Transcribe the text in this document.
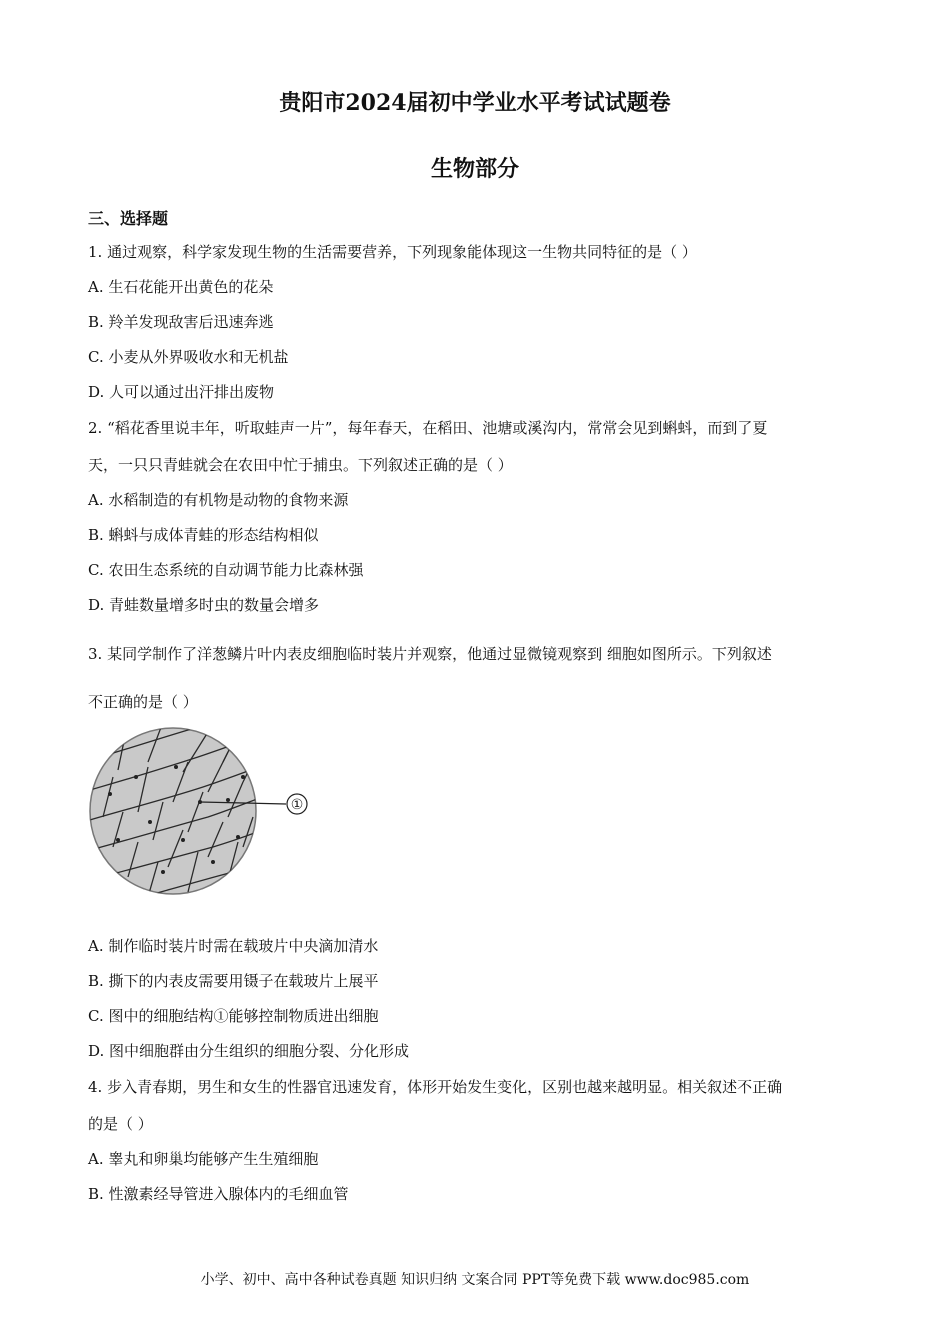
贵阳市2024届初中学业水平考试试题卷
生物部分
三、选择题
1. 通过观察，科学家发现生物的生活需要营养，下列现象能体现这一生物共同特征的是（ ）
A. 生石花能开出黄色的花朵
B. 羚羊发现敌害后迅速奔逃
C. 小麦从外界吸收水和无机盐
D. 人可以通过出汗排出废物
2. “稻花香里说丰年，听取蛙声一片”，每年春天，在稻田、池塘或溪沟内，常常会见到蝌蚪，而到了夏
天，一只只青蛙就会在农田中忙于捕虫。下列叙述正确的是（ ）
A. 水稻制造的有机物是动物的食物来源
B. 蝌蚪与成体青蛙的形态结构相似
C. 农田生态系统的自动调节能力比森林强
D. 青蛙数量增多时虫的数量会增多
3. 某同学制作了洋葱鳞片叶内表皮细胞临时装片并观察，他通过显微镜观察到 细胞如图所示。下列叙述
不正确的是（ ）
①
A. 制作临时装片时需在载玻片中央滴加清水
B. 撕下的内表皮需要用镊子在载玻片上展平
C. 图中的细胞结构①能够控制物质进出细胞
D. 图中细胞群由分生组织的细胞分裂、分化形成
4. 步入青春期，男生和女生的性器官迅速发育，体形开始发生变化，区别也越来越明显。相关叙述不正确
的是（ ）
A. 睾丸和卵巢均能够产生生殖细胞
B. 性激素经导管进入腺体内的毛细血管
小学、初中、高中各种试卷真题 知识归纳 文案合同 PPT等免费下载 www.doc985.com
